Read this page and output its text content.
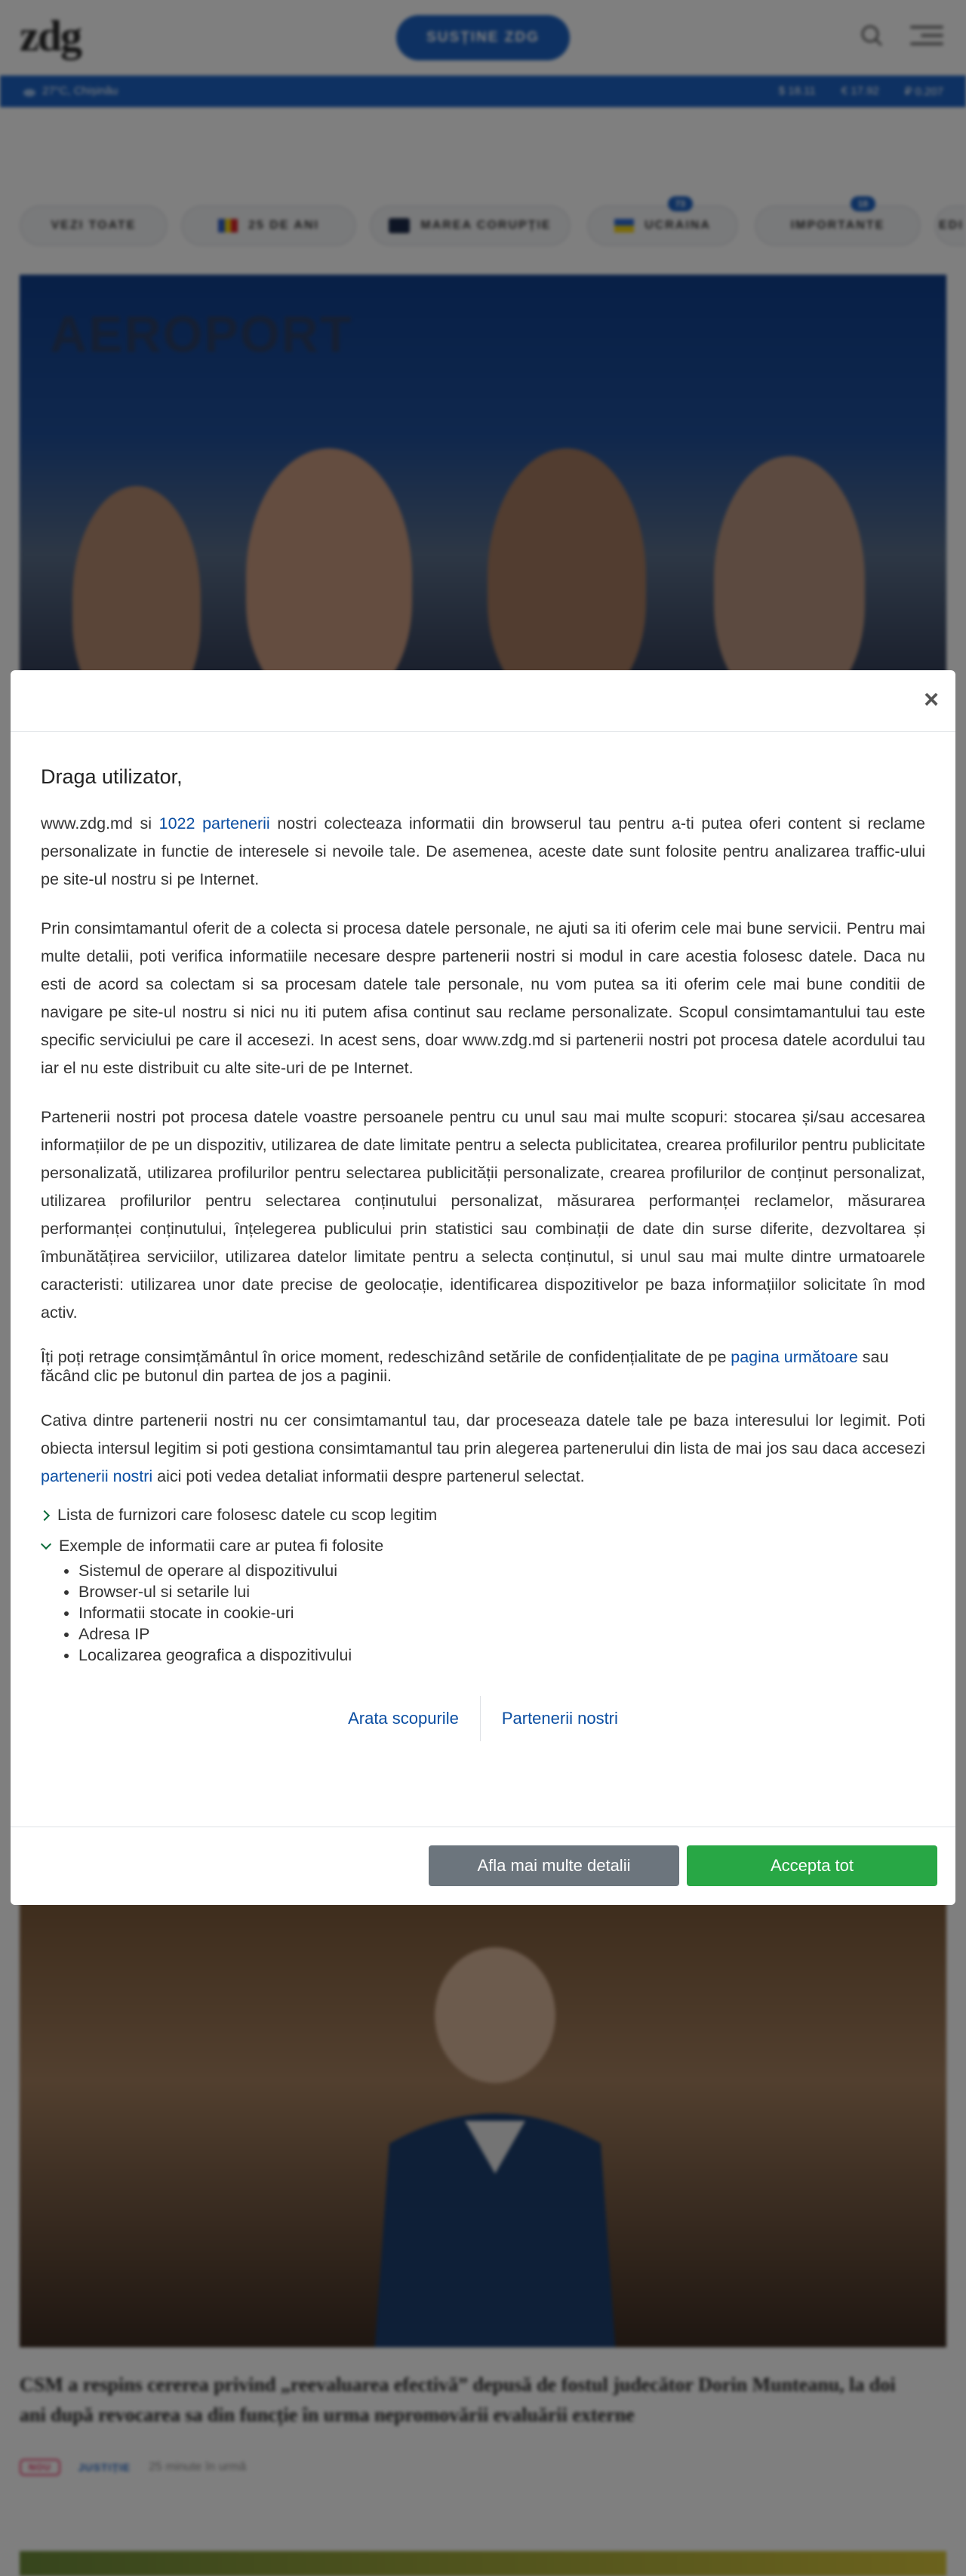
×
Draga utilizator,

www.zdg.md si 1022 partenerii nostri colecteaza informatii din browserul tau pentru a-ti putea oferi content si reclame personalizate in functie de interesele si nevoile tale. De asemenea, aceste date sunt folosite pentru analizarea traffic-ului pe site-ul nostru si pe Internet.

Prin consimtamantul oferit de a colecta si procesa datele personale, ne ajuti sa iti oferim cele mai bune servicii. Pentru mai multe detalii, poti verifica informatiile necesare despre partenerii nostri si modul in care acestia folosesc datele. Daca nu esti de acord sa colectam si sa procesam datele tale personale, nu vom putea sa iti oferim cele mai bune conditii de navigare pe site-ul nostru si nici nu iti putem afisa continut sau reclame personalizate. Scopul consimtamantului tau este specific serviciului pe care il accesezi. In acest sens, doar www.zdg.md si partenerii nostri pot procesa datele acordului tau iar el nu este distribuit cu alte site-uri de pe Internet.

Partenerii nostri pot procesa datele voastre persoanele pentru cu unul sau mai multe scopuri: stocarea și/sau accesarea informațiilor de pe un dispozitiv, utilizarea de date limitate pentru a selecta publicitatea, crearea profilurilor pentru publicitate personalizată, utilizarea profilurilor pentru selectarea publicității personalizate, crearea profilurilor de conținut personalizat, utilizarea profilurilor pentru selectarea conținutului personalizat, măsurarea performanței reclamelor, măsurarea performanței conținutului, înțelegerea publicului prin statistici sau combinații de date din surse diferite, dezvoltarea și îmbunătățirea serviciilor, utilizarea datelor limitate pentru a selecta conținutul, si unul sau mai multe dintre urmatoarele caracteristi: utilizarea unor date precise de geolocație, identificarea dispozitivelor pe baza informațiilor solicitate în mod activ.

Îți poți retrage consimțământul în orice moment, redeschizând setările de confidențialitate de pe pagina următoare sau făcând clic pe butonul din partea de jos a paginii.

Cativa dintre partenerii nostri nu cer consimtamantul tau, dar proceseaza datele tale pe baza interesului lor legimit. Poti obiecta intersul legitim si poti gestiona consimtamantul tau prin alegerea partenerului din lista de mai jos sau daca accesezi partenerii nostri aici poti vedea detaliat informatii despre partenerul selectat.

Lista de furnizori care folosesc datele cu scop legitim
Exemple de informatii care ar putea fi folosite
• Sistemul de operare al dispozitivului
• Browser-ul si setarile lui
• Informatii stocate in cookie-uri
• Adresa IP
• Localizarea geografica a dispozitivului
Arata scopurile	Partenerii nostri
Afla mai multe detalii	Accepta tot
